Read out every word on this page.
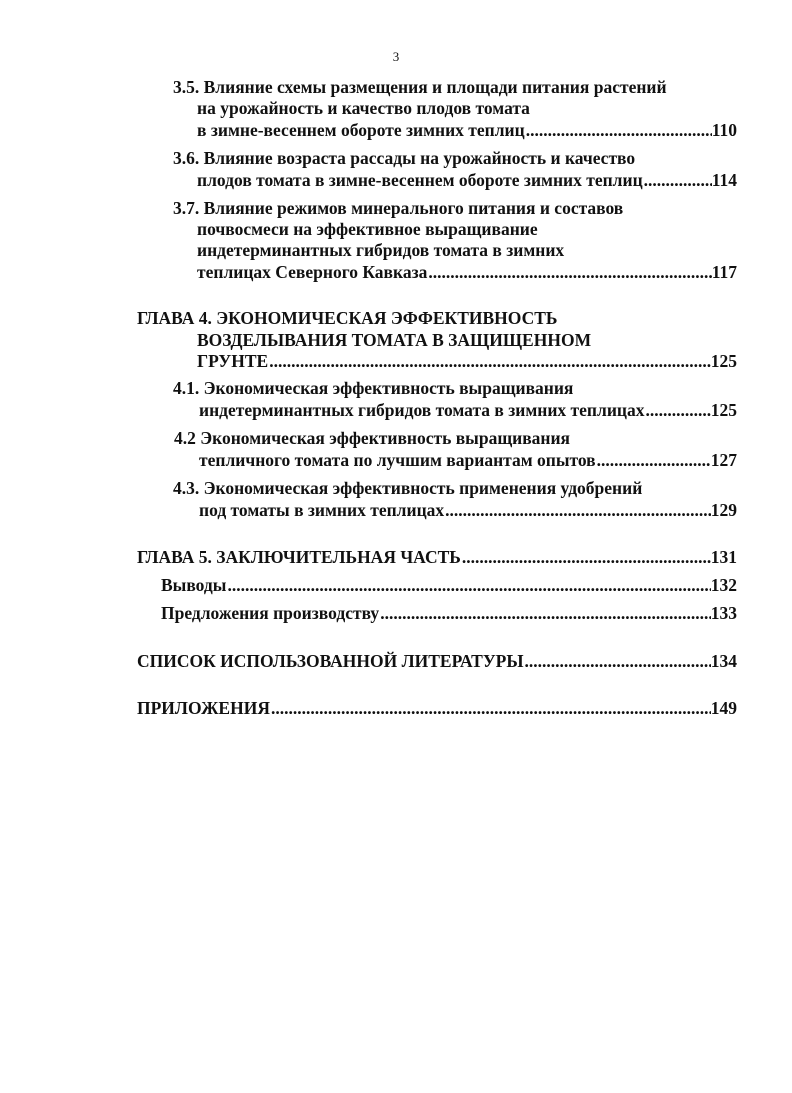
3
3.5. Влияние схемы размещения и площади питания растений
на урожайность и качество плодов томата
в зимне-весеннем обороте зимних теплиц .....	110
3.6. Влияние возраста рассады на урожайность и качество
плодов томата в зимне-весеннем обороте зимних теплиц .....	114
3.7. Влияние режимов минерального питания и составов
почвосмеси на эффективное выращивание
индетерминантных гибридов томата в зимних
теплицах Северного Кавказа .....	117
ГЛАВА 4. ЭКОНОМИЧЕСКАЯ ЭФФЕКТИВНОСТЬ
ВОЗДЕЛЫВАНИЯ ТОМАТА В ЗАЩИЩЕННОМ
ГРУНТЕ .....	125
4.1. Экономическая эффективность выращивания
индетерминантных гибридов томата в зимних теплицах .....	125
4.2 Экономическая эффективность выращивания
тепличного томата по лучшим вариантам опытов .....	127
4.3. Экономическая эффективность применения удобрений
под томаты в зимних теплицах .....	129
ГЛАВА 5. ЗАКЛЮЧИТЕЛЬНАЯ ЧАСТЬ .....	131
Выводы .....	132
Предложения производству .....	133
СПИСОК ИСПОЛЬЗОВАННОЙ ЛИТЕРАТУРЫ .....	134
ПРИЛОЖЕНИЯ .....	149
